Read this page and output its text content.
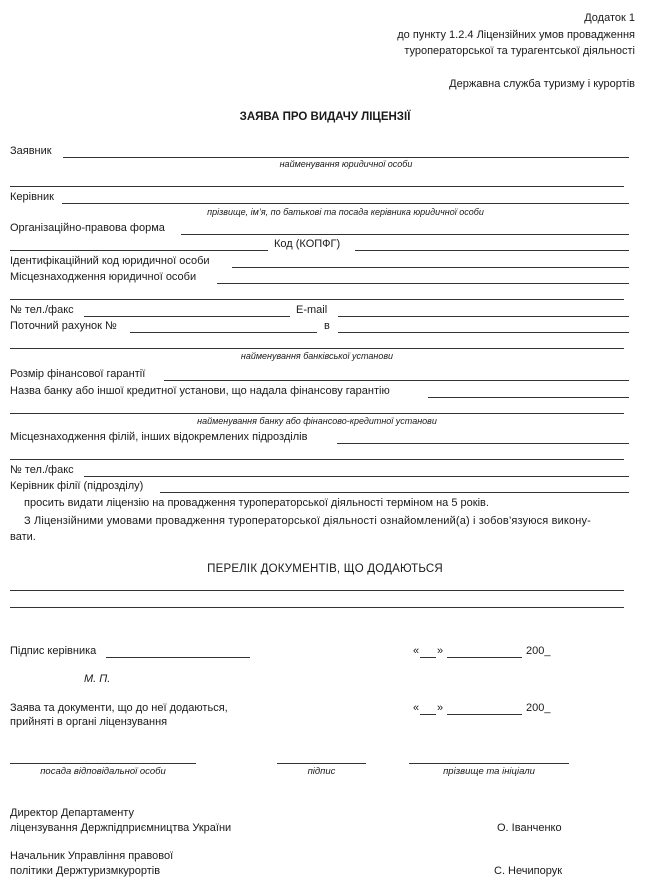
Додаток 1
до пункту 1.2.4 Ліцензійних умов провадження
туроператорської та турагентської діяльності
Державна служба туризму і курортів
ЗАЯВА ПРО ВИДАЧУ ЛІЦЕНЗІЇ
Заявник
найменування юридичної особи
Керівник
прізвище, ім’я, по батькові та посада керівника юридичної особи
Організаційно-правова форма
Код (КОПФГ)
Ідентифікаційний код юридичної особи
Місцезнаходження юридичної особи
№ тел./факс	E-mail
Поточний рахунок №	в
найменування банківської установи
Розмір фінансової гарантії
Назва банку або іншої кредитної установи, що надала фінансову гарантію
найменування банку або фінансово-кредитної установи
Місцезнаходження філій, інших відокремлених підрозділів
№ тел./факс
Керівник філії (підрозділу)
просить видати ліцензію на провадження туроператорської діяльності терміном на 5 років.
З Ліцензійними умовами провадження туроператорської діяльності ознайомлений(а) і зобов’язуюся викону-
вати.
ПЕРЕЛІК ДОКУМЕНТІВ, ЩО ДОДАЮТЬСЯ
Підпис керівника	« »	200_
М. П.
Заява та документи, що до неї додаються,
прийняті в органі ліцензування
« »	200_
посада відповідальної особи	підпис	прізвище та ініціали
Директор Департаменту
ліцензування Держпідприємництва України	О. Іванченко
Начальник Управління правової
політики Держтуризмкурортів	С. Нечипорук
